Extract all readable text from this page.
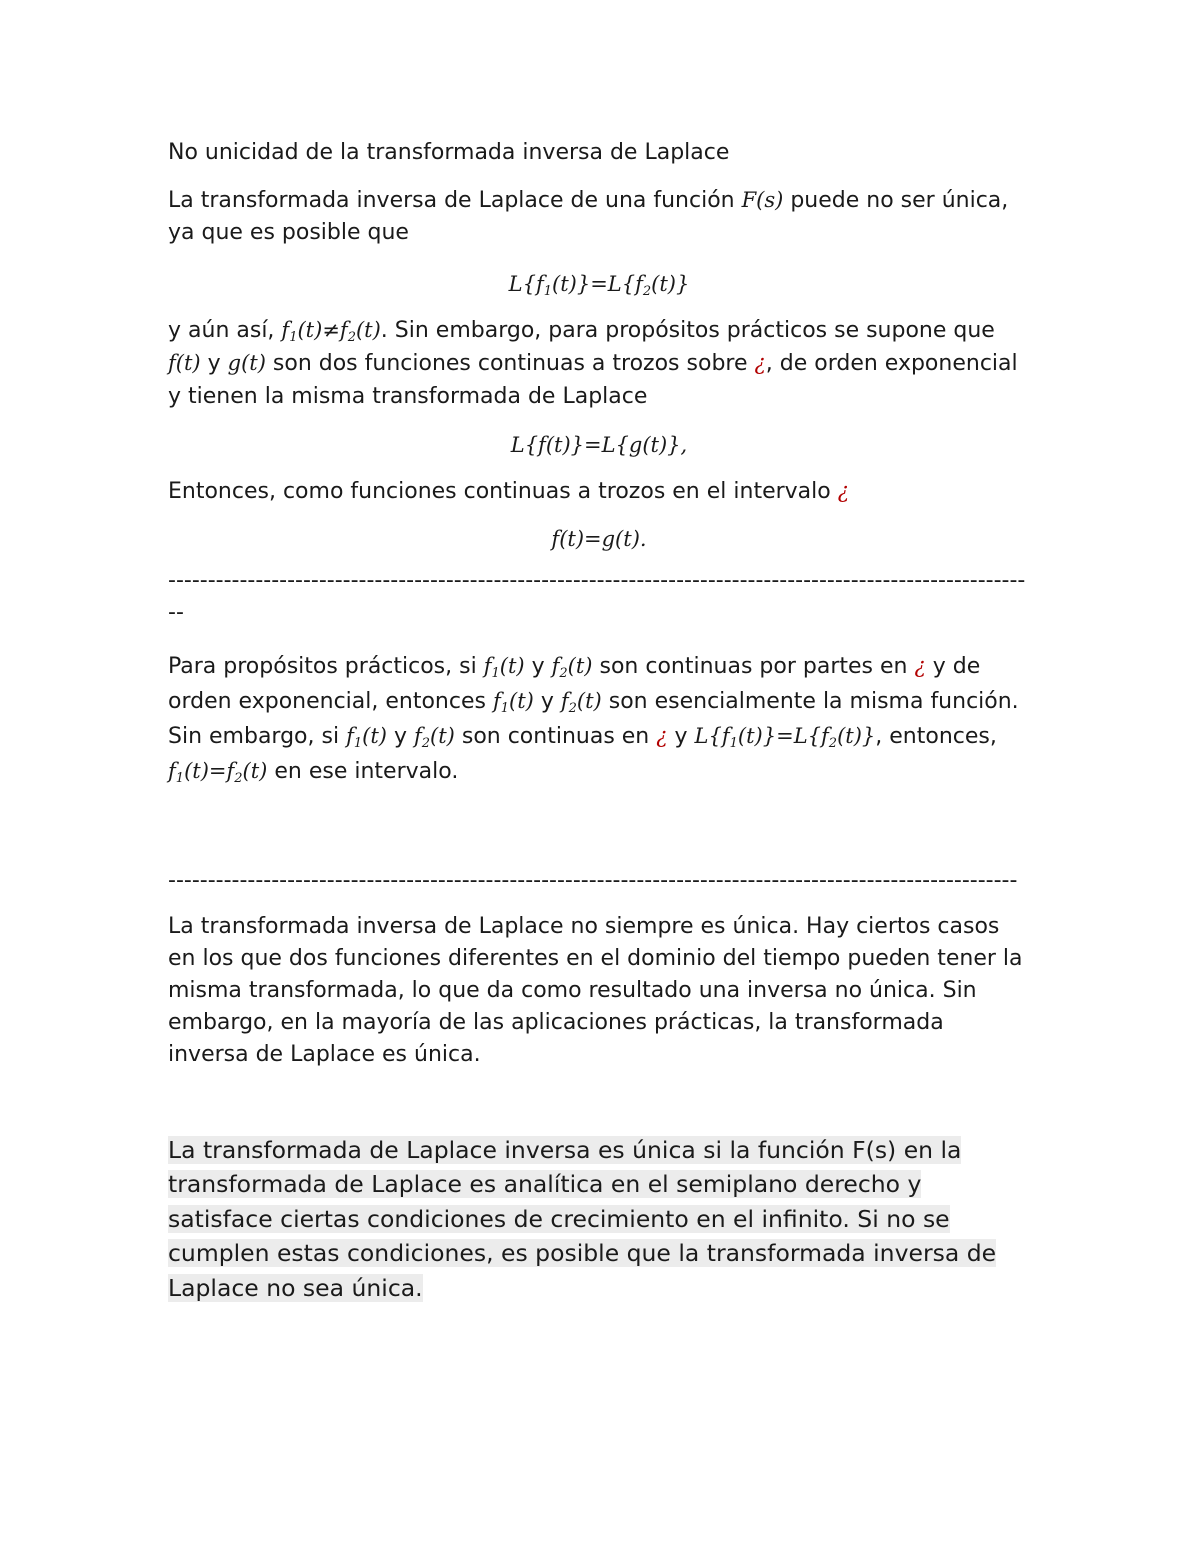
No unicidad de la transformada inversa de Laplace

La transformada inversa de Laplace de una función F(s) puede no ser única, ya que es posible que

$L\{f_1(t)\}=L\{f_2(t)\}$

y aún así, $f_1(t)\ne f_2(t)$. Sin embargo, para propósitos prácticos se supone que f(t) y g(t) son dos funciones continuas a trozos sobre ¿, de orden exponencial y tienen la misma transformada de Laplace

L{f(t)}=L{g(t)},

Entonces, como funciones continuas a trozos en el intervalo ¿

f(t)=g(t).

--------------------------------------------------------------------------------------------------------------

Para propósitos prácticos, si $f_1(t)$ y $f_2(t)$ son continuas por partes en ¿ y de orden exponencial, entonces $f_1(t)$ y $f_2(t)$ son esencialmente la misma función. Sin embargo, si $f_1(t)$ y $f_2(t)$ son continuas en ¿ y $L\{f_1(t)\}=L\{f_2(t)\}$, entonces, $f_1(t)=f_2(t)$ en ese intervalo.

-----------------------------------------------------------------------------------------------------------

La transformada inversa de Laplace no siempre es única. Hay ciertos casos en los que dos funciones diferentes en el dominio del tiempo pueden tener la misma transformada, lo que da como resultado una inversa no única. Sin embargo, en la mayoría de las aplicaciones prácticas, la transformada inversa de Laplace es única.

La transformada de Laplace inversa es única si la función F(s) en la transformada de Laplace es analítica en el semiplano derecho y satisface ciertas condiciones de crecimiento en el infinito. Si no se cumplen estas condiciones, es posible que la transformada inversa de Laplace no sea única.
